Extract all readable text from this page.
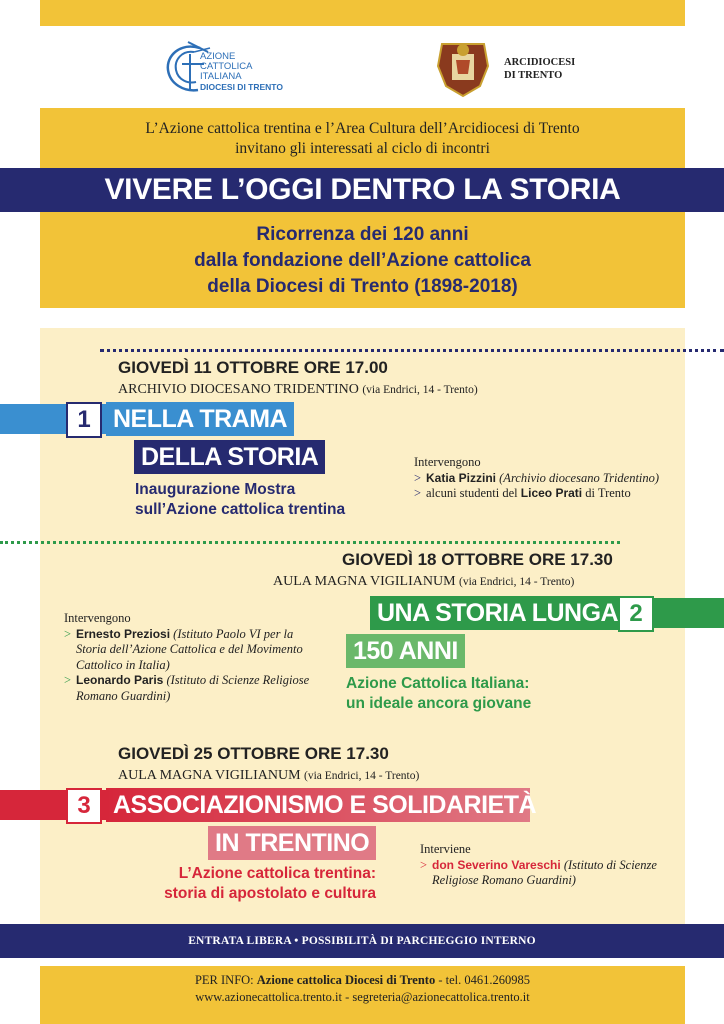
AZIONE
CATTOLICA
ITALIANA
DIOCESI DI TRENTO
ARCIDIOCESI
DI TRENTO
L’Azione cattolica trentina e l’Area Cultura dell’Arcidiocesi di Trento
invitano gli interessati al ciclo di incontri
VIVERE L’OGGI DENTRO LA STORIA
Ricorrenza dei 120 anni
dalla fondazione dell’Azione cattolica
della Diocesi di Trento (1898-2018)
GIOVEDÌ 11 OTTOBRE ORE 17.00
ARCHIVIO DIOCESANO TRIDENTINO (via Endrici, 14 - Trento)
1 NELLA TRAMA
DELLA STORIA
Inaugurazione Mostra
sull’Azione cattolica trentina
Intervengono
> Katia Pizzini (Archivio diocesano Tridentino)
> alcuni studenti del Liceo Prati di Trento
GIOVEDÌ 18 OTTOBRE ORE 17.30
AULA MAGNA VIGILIANUM (via Endrici, 14 - Trento)
UNA STORIA LUNGA 2
150 ANNI
Azione Cattolica Italiana:
un ideale ancora giovane
Intervengono
> Ernesto Preziosi (Istituto Paolo VI per la Storia dell’Azione Cattolica e del Movimento Cattolico in Italia)
> Leonardo Paris (Istituto di Scienze Religiose Romano Guardini)
GIOVEDÌ 25 OTTOBRE ORE 17.30
AULA MAGNA VIGILIANUM (via Endrici, 14 - Trento)
3 ASSOCIAZIONISMO E SOLIDARIETÀ
IN TRENTINO
L’Azione cattolica trentina:
storia di apostolato e cultura
Interviene
> don Severino Vareschi (Istituto di Scienze Religiose Romano Guardini)
ENTRATA LIBERA • POSSIBILITÀ DI PARCHEGGIO INTERNO
PER INFO: Azione cattolica Diocesi di Trento - tel. 0461.260985
www.azionecattolica.trento.it - segreteria@azionecattolica.trento.it
